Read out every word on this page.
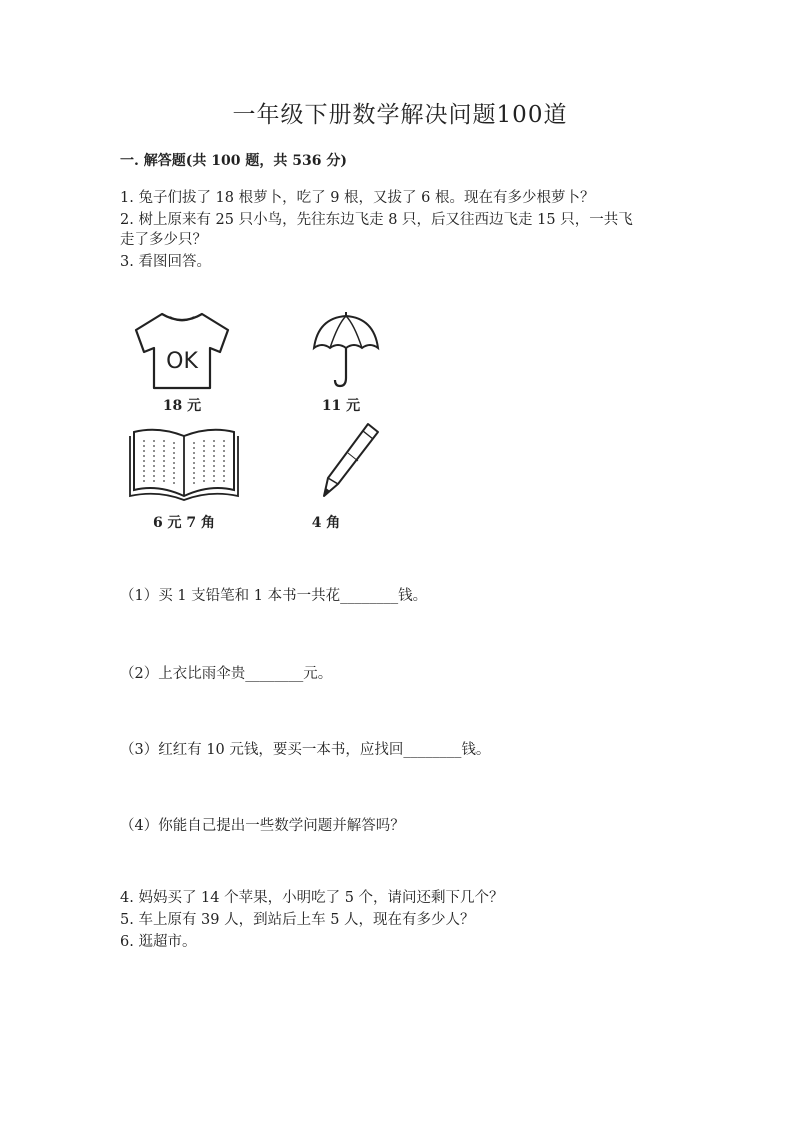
一年级下册数学解决问题100道
一. 解答题(共 100 题，共 536 分)
1. 兔子们拔了 18 根萝卜，吃了 9 根，又拔了 6 根。现在有多少根萝卜？
2. 树上原来有 25 只小鸟，先往东边飞走 8 只，后又往西边飞走 15 只，一共飞
走了多少只？
3. 看图回答。
OK
18 元	11 元
6 元 7 角	4 角
（1）买 1 支铅笔和 1 本书一共花________钱。
（2）上衣比雨伞贵________元。
（3）红红有 10 元钱，要买一本书，应找回________钱。
（4）你能自己提出一些数学问题并解答吗？
4. 妈妈买了 14 个苹果，小明吃了 5 个，请问还剩下几个？
5. 车上原有 39 人，到站后上车 5 人，现在有多少人？
6. 逛超市。
